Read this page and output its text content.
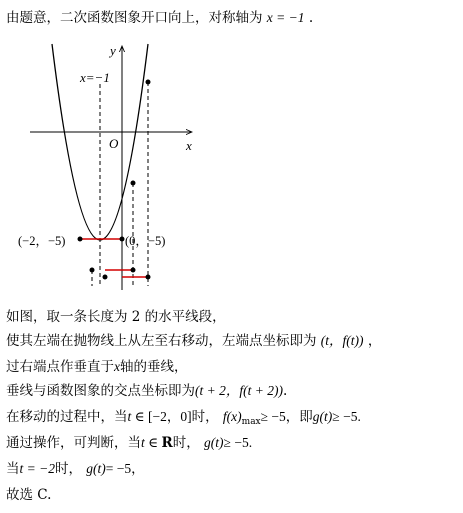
由题意，二次函数图象开口向上，对称轴为 x = −1 .
y
x
O
x=−1
(−2，−5)	(0，−5)
如图，取一条长度为 2 的水平线段，
使其左端在抛物线上从左至右移动，左端点坐标即为 (t，f(t)) ，
过右端点作垂直于x轴的垂线，
垂线与函数图象的交点坐标即为(t + 2，f(t + 2)).
在移动的过程中，当t ∈ [−2，0]时， $f(x)_{max}\ge -5$，即g(t)≥ −5.
通过操作，可判断，当t ∈ R时， g(t)≥ −5.
当t = −2时， g(t)= −5，
故选 C.
